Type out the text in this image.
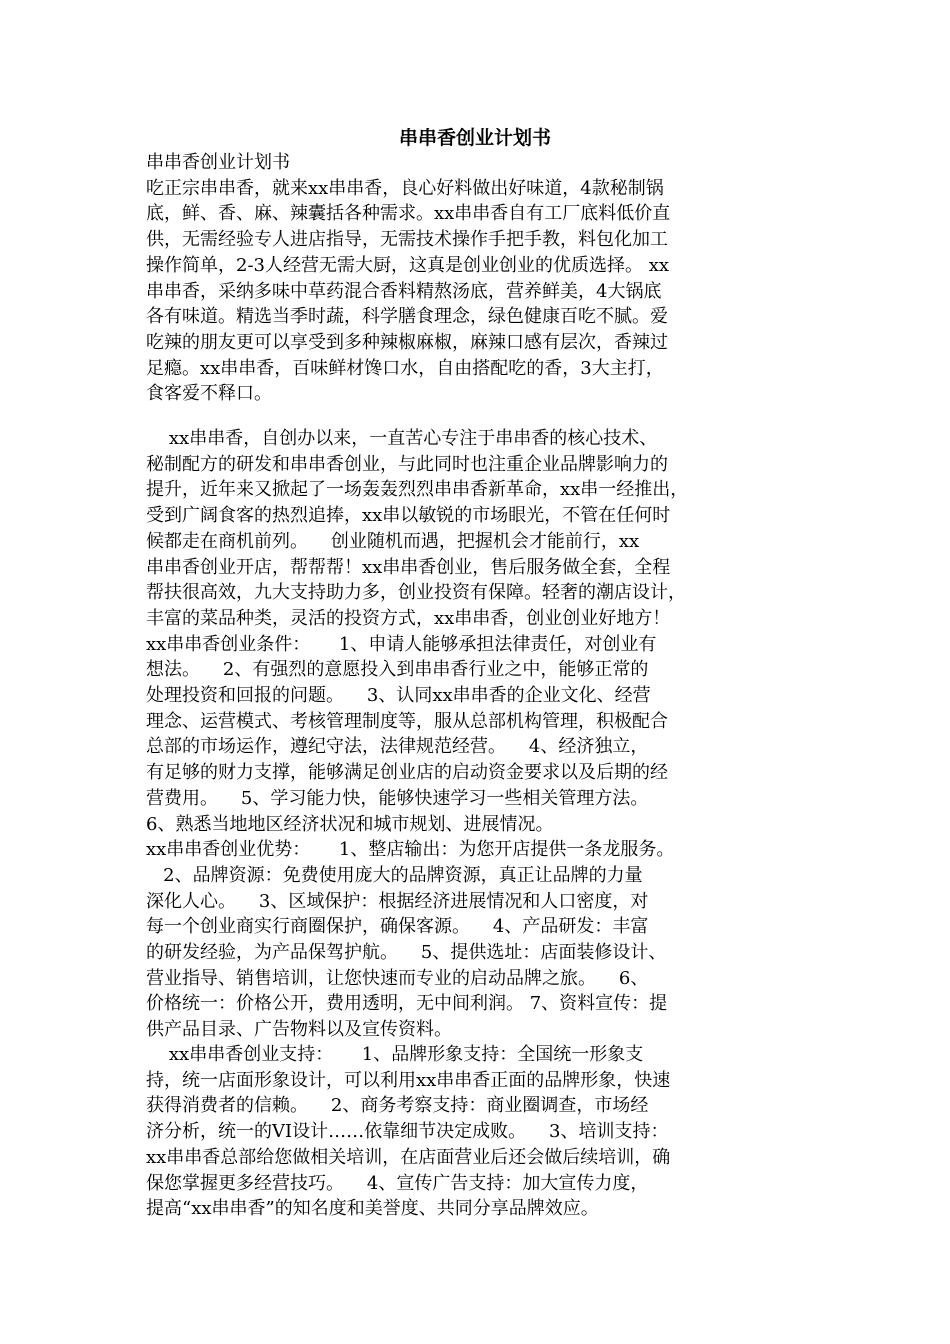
串串香创业计划书

串串香创业计划书
吃正宗串串香，就来xx串串香，良心好料做出好味道，4款秘制锅
底，鲜、香、麻、辣囊括各种需求。xx串串香自有工厂底料低价直
供，无需经验专人进店指导，无需技术操作手把手教，料包化加工
操作简单，2-3人经营无需大厨，这真是创业创业的优质选择。 xx
串串香，采纳多味中草药混合香料精熬汤底，营养鲜美，4大锅底
各有味道。精选当季时蔬，科学膳食理念，绿色健康百吃不腻。爱
吃辣的朋友更可以享受到多种辣椒麻椒，麻辣口感有层次，香辣过
足瘾。xx串串香，百味鲜材馋口水，自由搭配吃的香，3大主打，
食客爱不释口。

xx串串香，自创办以来，一直苦心专注于串串香的核心技术、
秘制配方的研发和串串香创业，与此同时也注重企业品牌影响力的
提升，近年来又掀起了一场轰轰烈烈串串香新革命，xx串一经推出，
受到广阔食客的热烈追捧，xx串以敏锐的市场眼光，不管在任何时
候都走在商机前列。    创业随机而遇，把握机会才能前行，xx
串串香创业开店，帮帮帮！xx串串香创业，售后服务做全套，全程
帮扶很高效，九大支持助力多，创业投资有保障。轻奢的潮店设计，
丰富的菜品种类，灵活的投资方式，xx串串香，创业创业好地方！
xx串串香创业条件：     1、申请人能够承担法律责任，对创业有
想法。    2、有强烈的意愿投入到串串香行业之中，能够正常的
处理投资和回报的问题。    3、认同xx串串香的企业文化、经营
理念、运营模式、考核管理制度等，服从总部机构管理，积极配合
总部的市场运作，遵纪守法，法律规范经营。    4、经济独立，
有足够的财力支撑，能够满足创业店的启动资金要求以及后期的经
营费用。    5、学习能力快，能够快速学习一些相关管理方法。
6、熟悉当地地区经济状况和城市规划、进展情况。
xx串串香创业优势：     1、整店输出：为您开店提供一条龙服务。
2、品牌资源：免费使用庞大的品牌资源，真正让品牌的力量
深化人心。    3、区域保护：根据经济进展情况和人口密度，对
每一个创业商实行商圈保护，确保客源。    4、产品研发：丰富
的研发经验，为产品保驾护航。    5、提供选址：店面装修设计、
营业指导、销售培训，让您快速而专业的启动品牌之旅。    6、
价格统一：价格公开，费用透明，无中间利润。 7、资料宣传：提
供产品目录、广告物料以及宣传资料。

xx串串香创业支持：     1、品牌形象支持：全国统一形象支
持，统一店面形象设计，可以利用xx串串香正面的品牌形象，快速
获得消费者的信赖。    2、商务考察支持：商业圈调查，市场经
济分析，统一的VI设计……依靠细节决定成败。    3、培训支持：
xx串串香总部给您做相关培训，在店面营业后还会做后续培训，确
保您掌握更多经营技巧。    4、宣传广告支持：加大宣传力度，
提高“xx串串香”的知名度和美誉度、共同分享品牌效应。
